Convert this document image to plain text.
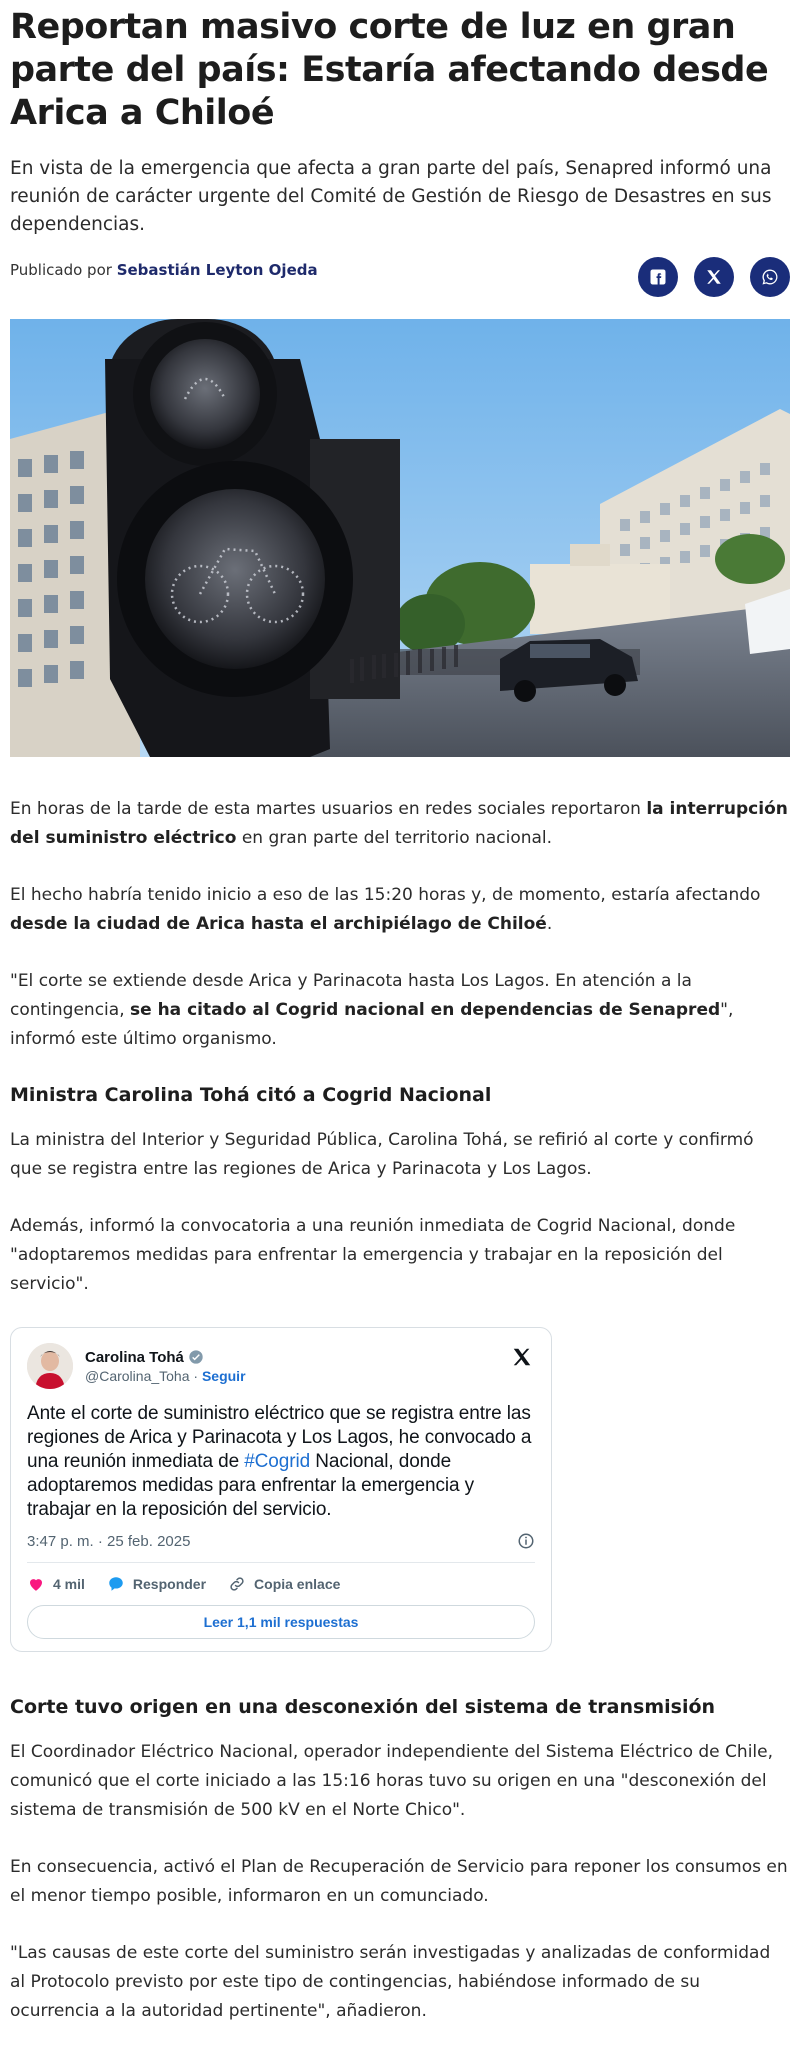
Reportan masivo corte de luz en gran parte del país: Estaría afectando desde Arica a Chiloé

En vista de la emergencia que afecta a gran parte del país, Senapred informó una reunión de carácter urgente del Comité de Gestión de Riesgo de Desastres en sus dependencias.

Publicado por Sebastián Leyton Ojeda

En horas de la tarde de esta martes usuarios en redes sociales reportaron la interrupción del suministro eléctrico en gran parte del territorio nacional.

El hecho habría tenido inicio a eso de las 15:20 horas y, de momento, estaría afectando desde la ciudad de Arica hasta el archipiélago de Chiloé.

"El corte se extiende desde Arica y Parinacota hasta Los Lagos. En atención a la contingencia, se ha citado al Cogrid nacional en dependencias de Senapred", informó este último organismo.

Ministra Carolina Tohá citó a Cogrid Nacional

La ministra del Interior y Seguridad Pública, Carolina Tohá, se refirió al corte y confirmó que se registra entre las regiones de Arica y Parinacota y Los Lagos.

Además, informó la convocatoria a una reunión inmediata de Cogrid Nacional, donde "adoptaremos medidas para enfrentar la emergencia y trabajar en la reposición del servicio".

Carolina Tohá
@Carolina_Toha · Seguir
Ante el corte de suministro eléctrico que se registra entre las regiones de Arica y Parinacota y Los Lagos, he convocado a una reunión inmediata de #Cogrid Nacional, donde adoptaremos medidas para enfrentar la emergencia y trabajar en la reposición del servicio.
3:47 p. m. · 25 feb. 2025
4 mil	Responder	Copia enlace
Leer 1,1 mil respuestas
Corte tuvo origen en una desconexión del sistema de transmisión

El Coordinador Eléctrico Nacional, operador independiente del Sistema Eléctrico de Chile, comunicó que el corte iniciado a las 15:16 horas tuvo su origen en una "desconexión del sistema de transmisión de 500 kV en el Norte Chico".

En consecuencia, activó el Plan de Recuperación de Servicio para reponer los consumos en el menor tiempo posible, informaron en un comunciado.

"Las causas de este corte del suministro serán investigadas y analizadas de conformidad al Protocolo previsto por este tipo de contingencias, habiéndose informado de su ocurrencia a la autoridad pertinente", añadieron.
